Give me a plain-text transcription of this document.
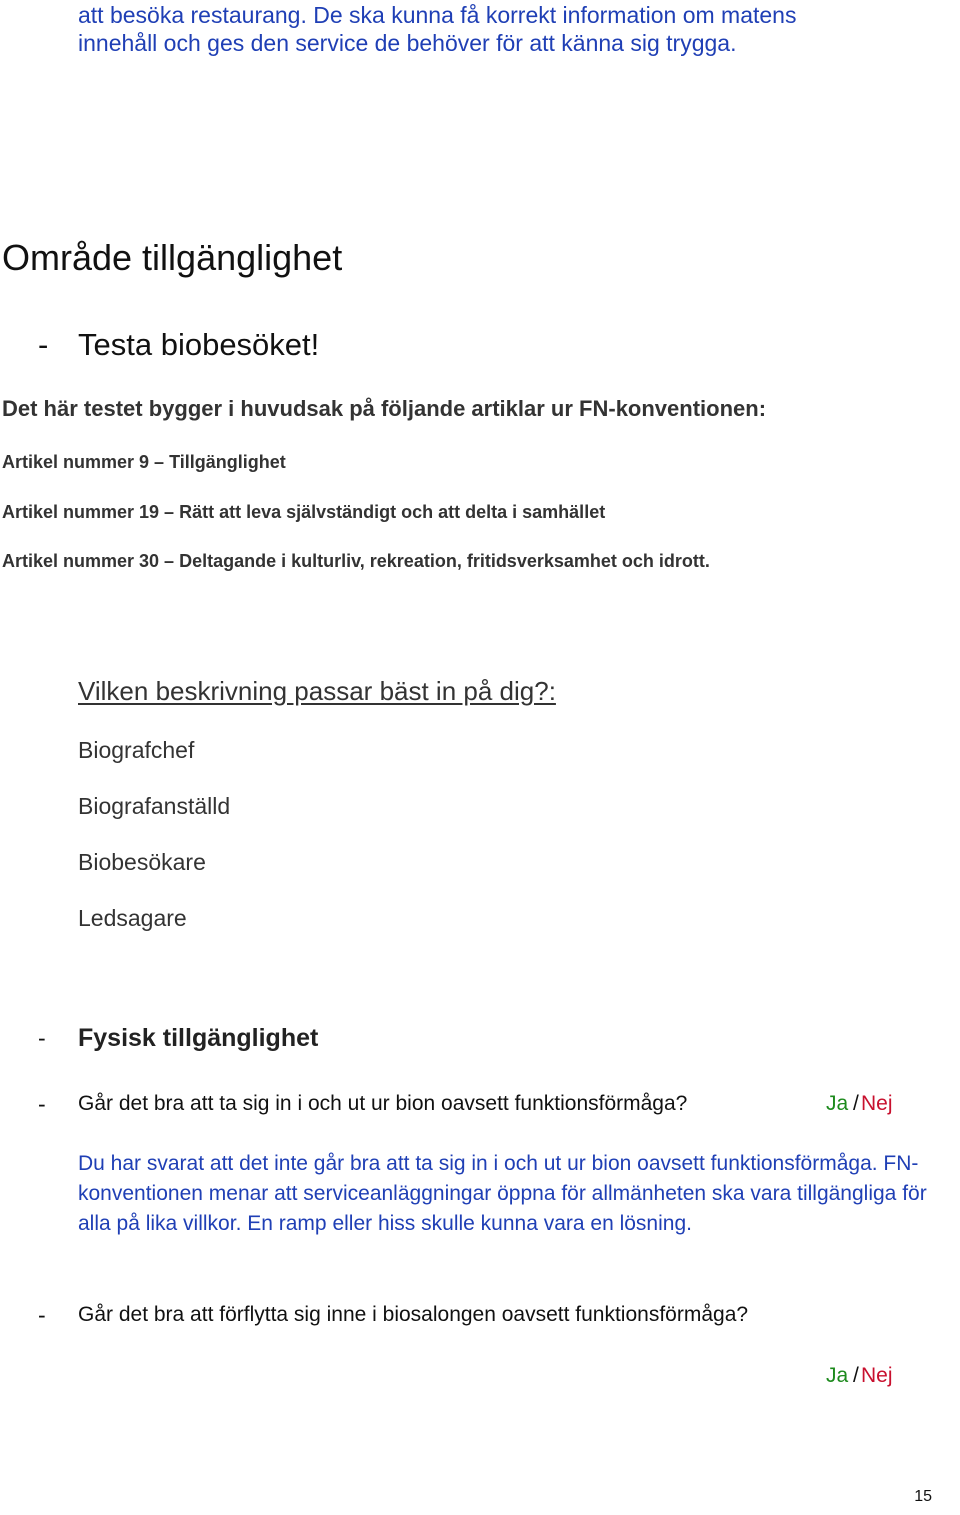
att besöka restaurang. De ska kunna få korrekt information om matens

innehåll och ges den service de behöver för att känna sig trygga.

Område tillgänglighet
- Testa biobesöket!

Det här testet bygger i huvudsak på följande artiklar ur FN-konventionen:

Artikel nummer 9 – Tillgänglighet

Artikel nummer 19 – Rätt att leva självständigt och att delta i samhället

Artikel nummer 30 – Deltagande i kulturliv, rekreation, fritidsverksamhet och idrott.

Vilken beskrivning passar bäst in på dig?:

Biografchef

Biografanställd

Biobesökare

Ledsagare

- Fysisk tillgänglighet

- Går det bra att ta sig in i och ut ur bion oavsett funktionsförmåga?	Ja / Nej

Du har svarat att det inte går bra att ta sig in i och ut ur bion oavsett funktionsförmåga. FN-konventionen menar att serviceanläggningar öppna för allmänheten ska vara tillgängliga för alla på lika villkor. En ramp eller hiss skulle kunna vara en lösning.

- Går det bra att förflytta sig inne i biosalongen oavsett funktionsförmåga?

Ja / Nej
15
